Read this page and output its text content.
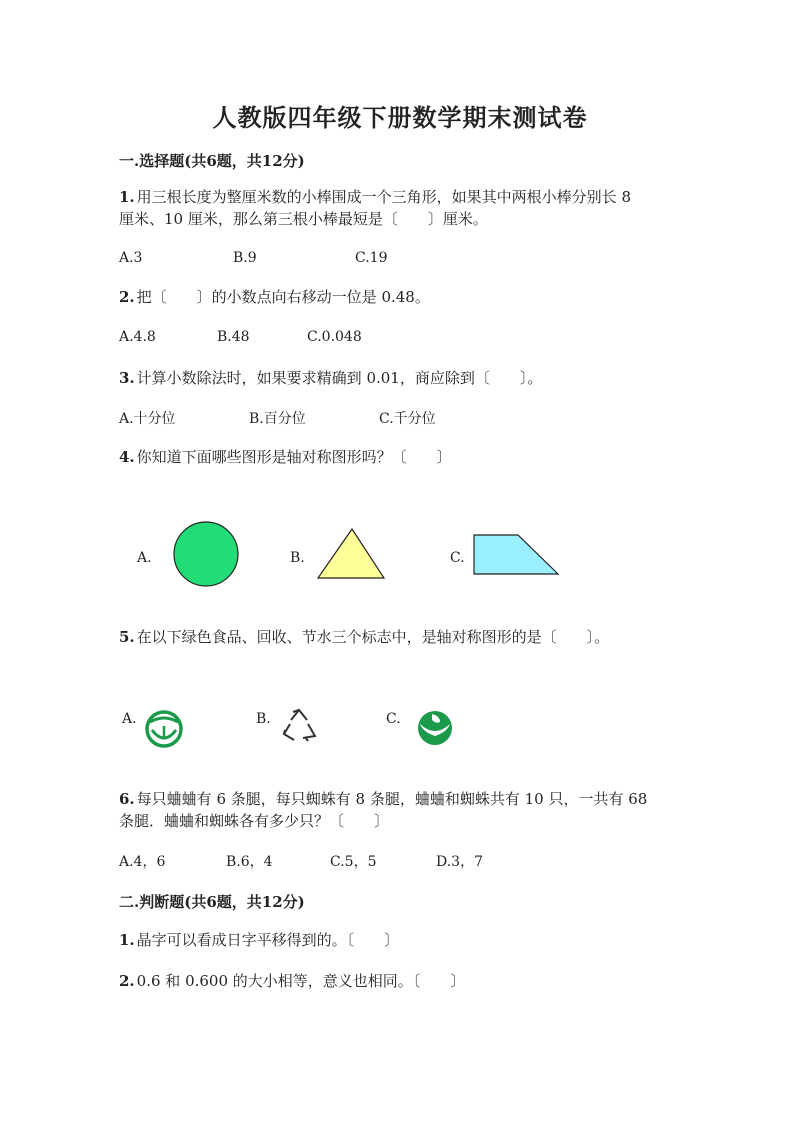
人教版四年级下册数学期末测试卷
一.选择题(共6题，共12分)
1. 用三根长度为整厘米数的小棒围成一个三角形，如果其中两根小棒分别长 8
厘米、10 厘米，那么第三根小棒最短是〔　　〕厘米。
A.3	B.9	C.19
2. 把〔　　〕的小数点向右移动一位是 0.48。
A.4.8	B.48	C.0.048
3. 计算小数除法时，如果要求精确到 0.01，商应除到〔　　〕。
A.十分位	B.百分位	C.千分位
4. 你知道下面哪些图形是轴对称图形吗？〔　　〕
A.	B.	C.
5. 在以下绿色食品、回收、节水三个标志中，是轴对称图形的是〔　　〕。
A.	B.	C.
6. 每只蛐蛐有 6 条腿，每只蜘蛛有 8 条腿，蛐蛐和蜘蛛共有 10 只，一共有 68
条腿．蛐蛐和蜘蛛各有多少只？〔　　〕
A.4，6	B.6，4	C.5，5	D.3，7
二.判断题(共6题，共12分)
1. 晶字可以看成日字平移得到的。〔　　〕
2. 0.6 和 0.600 的大小相等，意义也相同。〔　　〕
